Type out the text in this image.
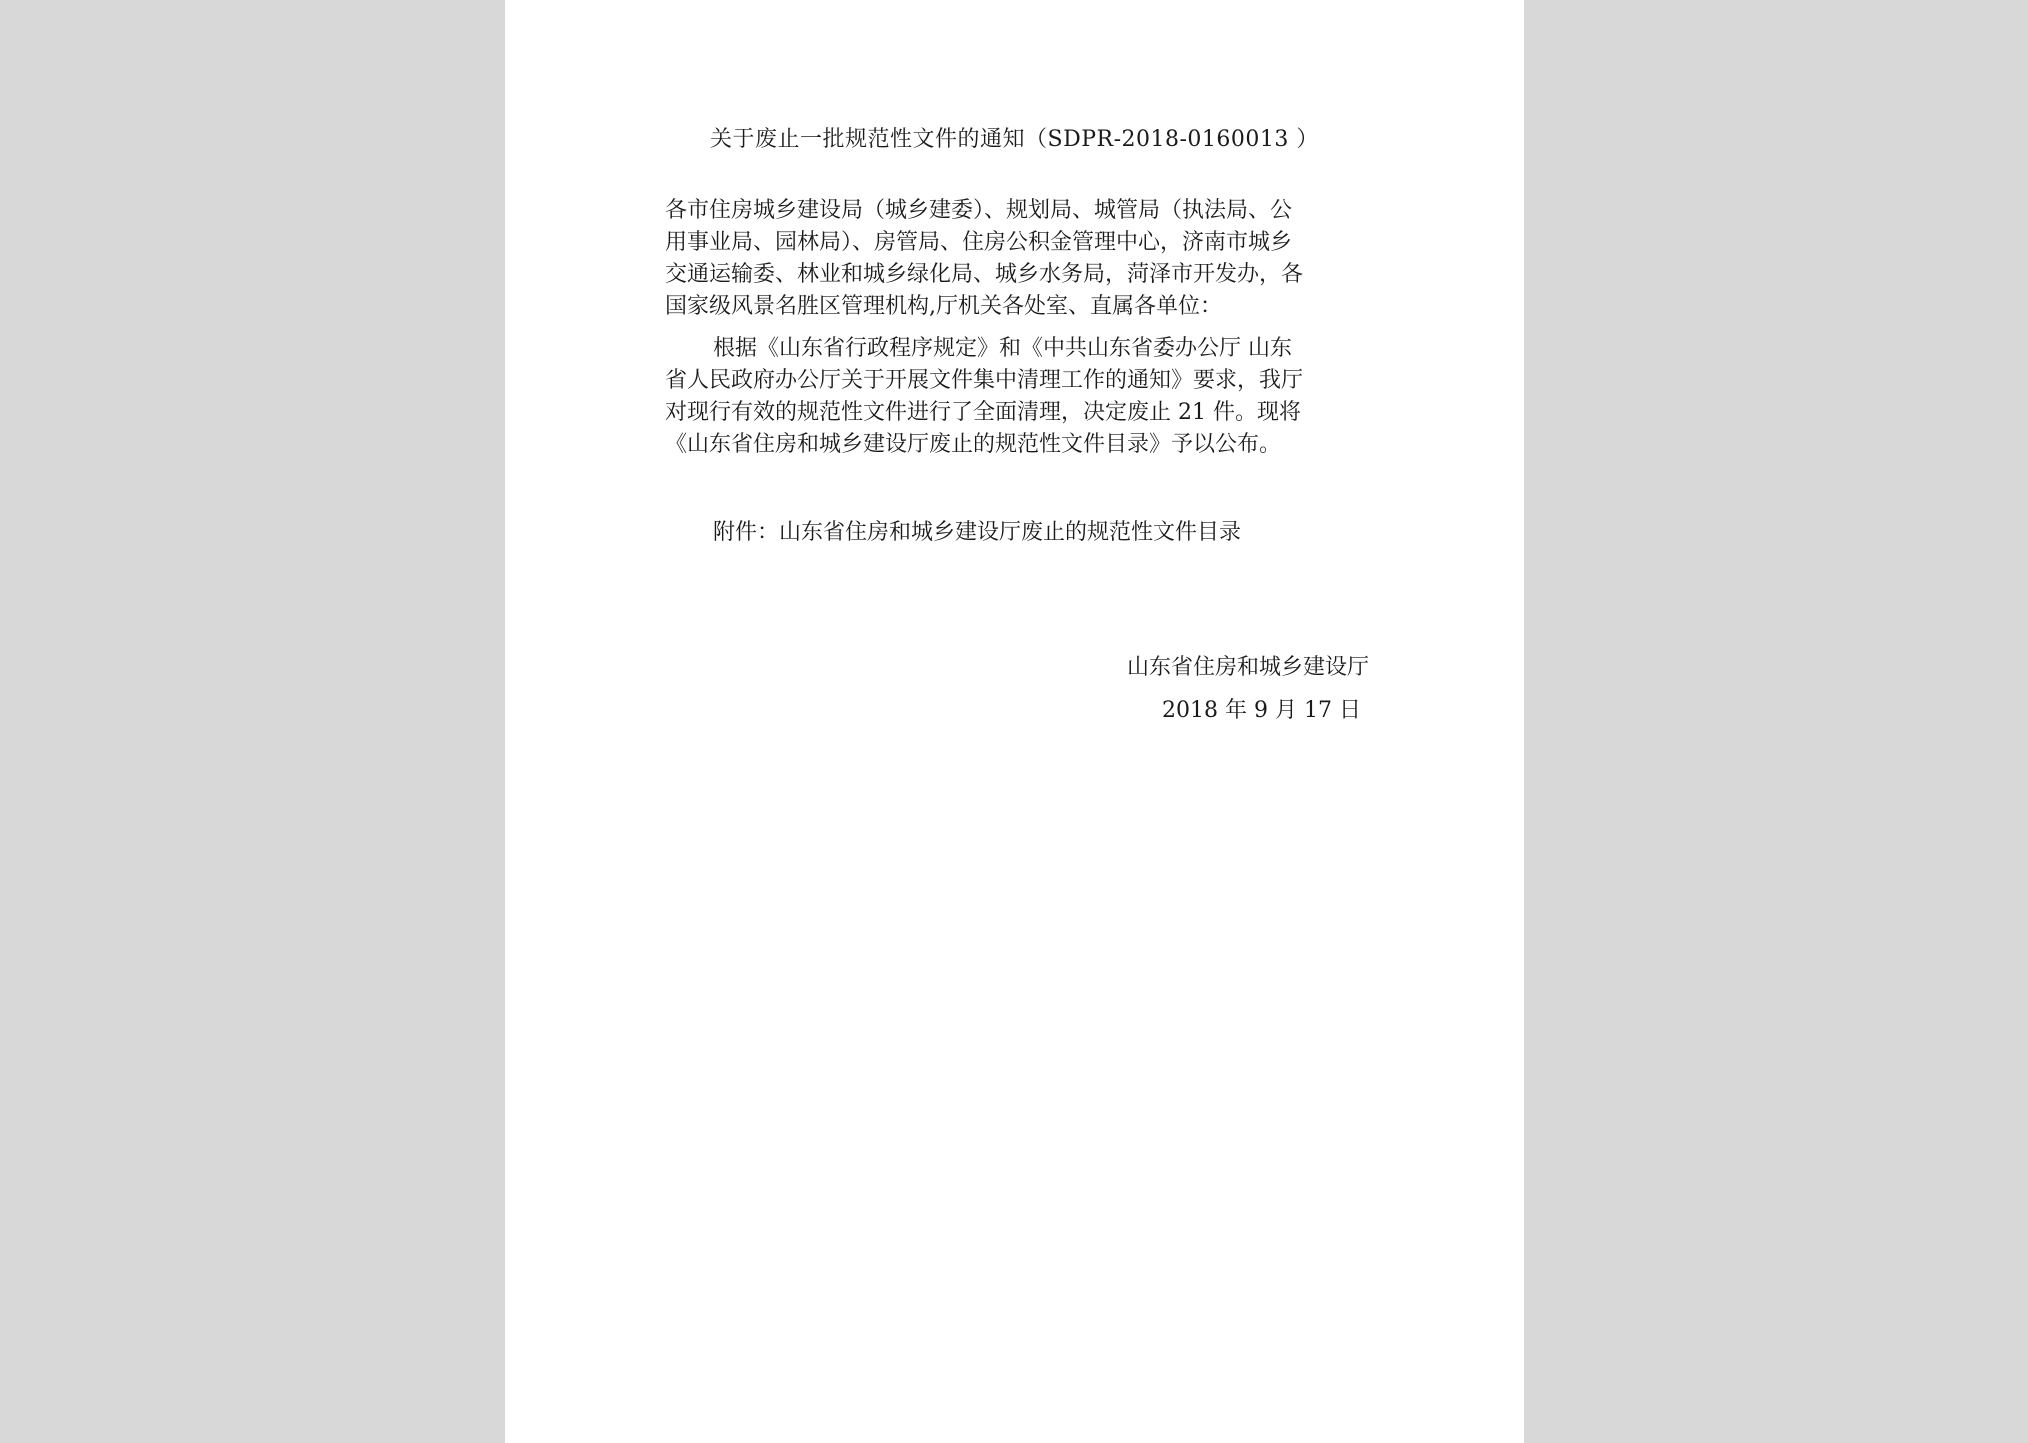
关于废止一批规范性文件的通知（SDPR-2018-0160013 ）
各市住房城乡建设局（城乡建委）、规划局、城管局（执法局、公
用事业局、园林局）、房管局、住房公积金管理中心，济南市城乡
交通运输委、林业和城乡绿化局、城乡水务局，菏泽市开发办，各
国家级风景名胜区管理机构,厅机关各处室、直属各单位：
根据《山东省行政程序规定》和《中共山东省委办公厅 山东
省人民政府办公厅关于开展文件集中清理工作的通知》要求，我厅
对现行有效的规范性文件进行了全面清理，决定废止 21 件。现将
《山东省住房和城乡建设厅废止的规范性文件目录》予以公布。
附件：山东省住房和城乡建设厅废止的规范性文件目录
山东省住房和城乡建设厅
2018 年 9 月 17 日
